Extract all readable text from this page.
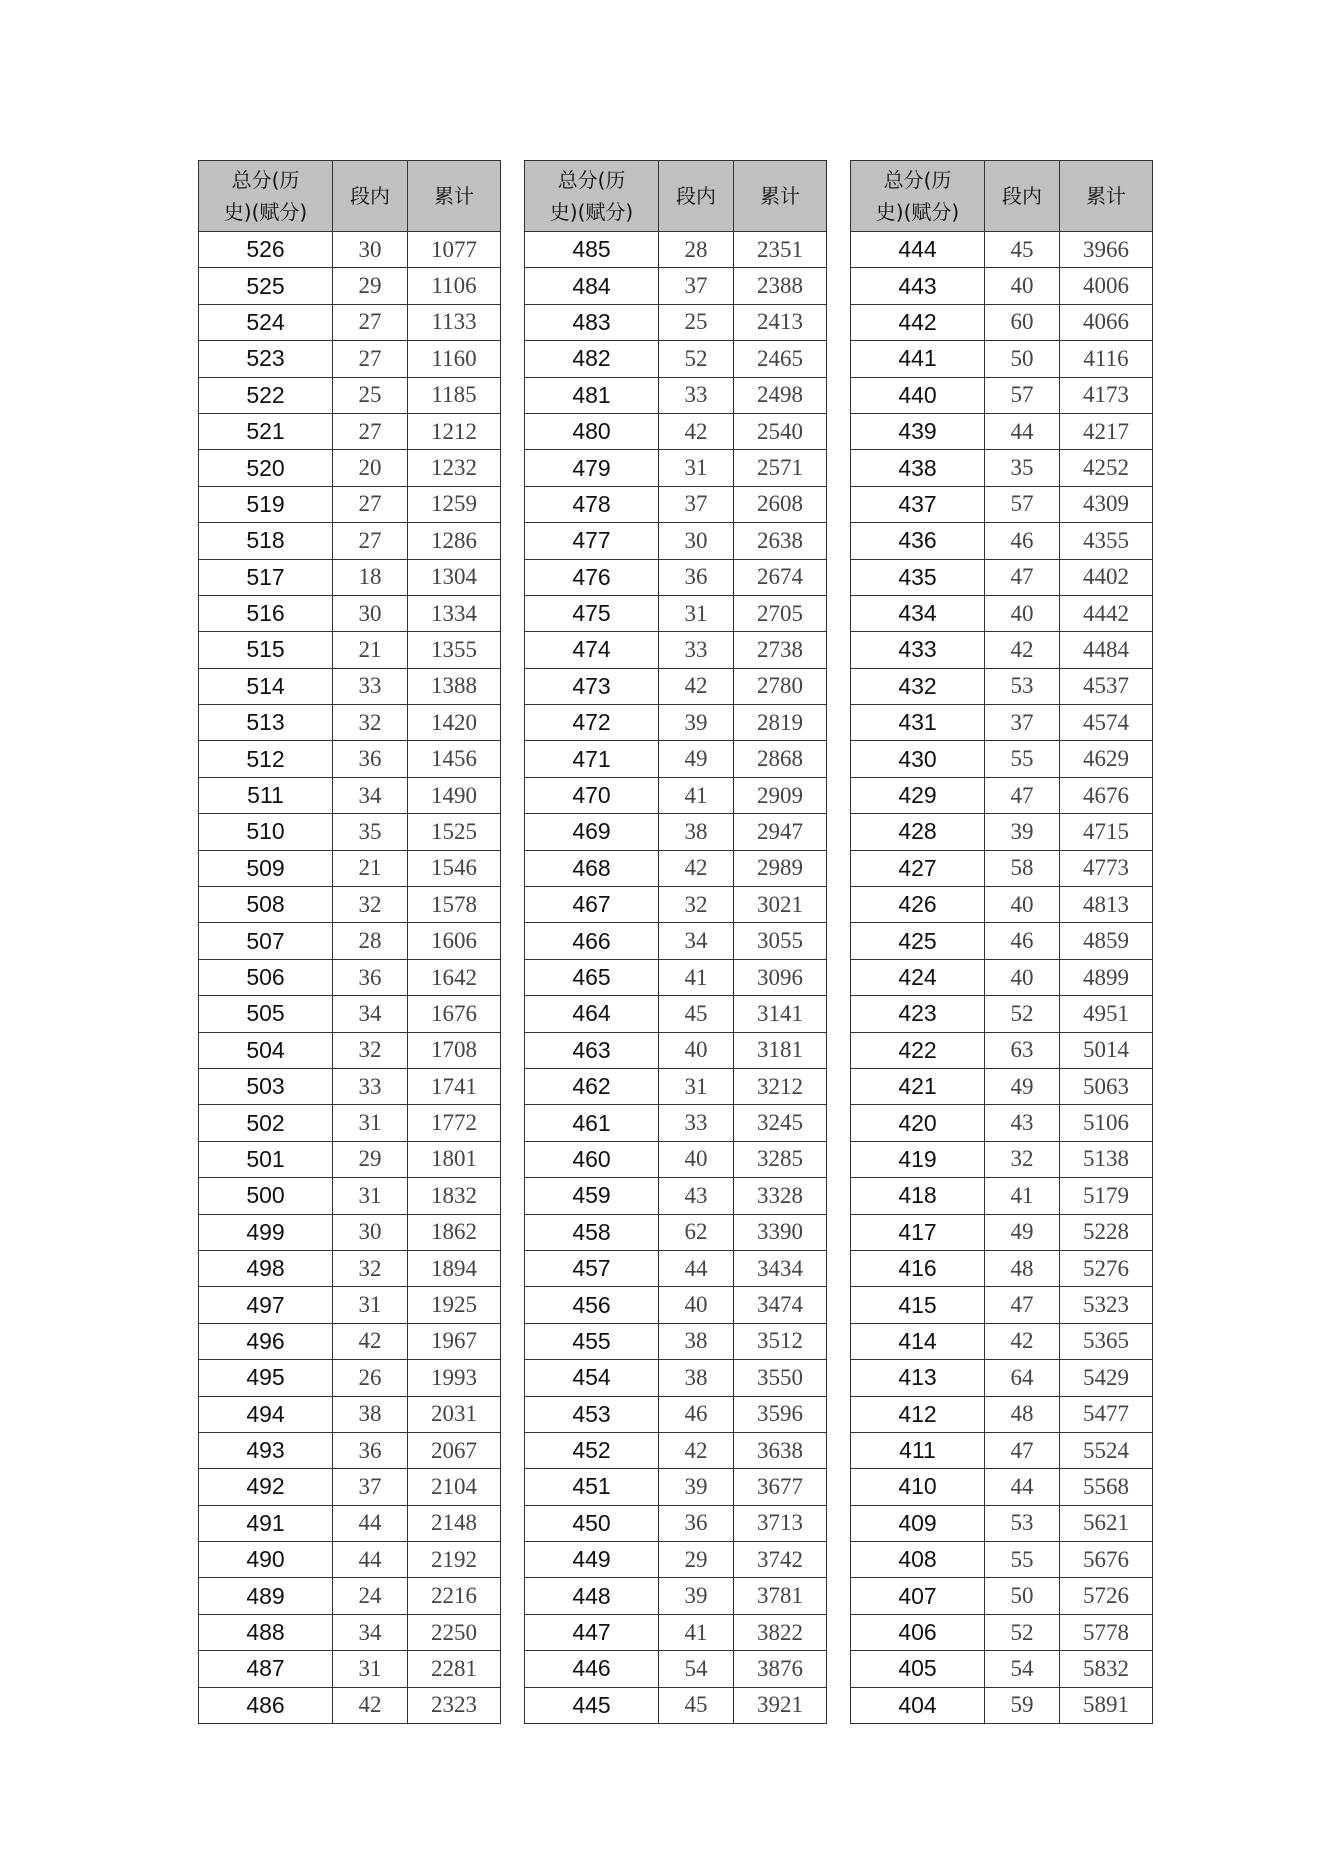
总分(历史)(赋分)	段内	累计
526	30	1077
525	29	1106
524	27	1133
523	27	1160
522	25	1185
521	27	1212
520	20	1232
519	27	1259
518	27	1286
517	18	1304
516	30	1334
515	21	1355
514	33	1388
513	32	1420
512	36	1456
511	34	1490
510	35	1525
509	21	1546
508	32	1578
507	28	1606
506	36	1642
505	34	1676
504	32	1708
503	33	1741
502	31	1772
501	29	1801
500	31	1832
499	30	1862
498	32	1894
497	31	1925
496	42	1967
495	26	1993
494	38	2031
493	36	2067
492	37	2104
491	44	2148
490	44	2192
489	24	2216
488	34	2250
487	31	2281
486	42	2323
总分(历史)(赋分)	段内	累计
485	28	2351
484	37	2388
483	25	2413
482	52	2465
481	33	2498
480	42	2540
479	31	2571
478	37	2608
477	30	2638
476	36	2674
475	31	2705
474	33	2738
473	42	2780
472	39	2819
471	49	2868
470	41	2909
469	38	2947
468	42	2989
467	32	3021
466	34	3055
465	41	3096
464	45	3141
463	40	3181
462	31	3212
461	33	3245
460	40	3285
459	43	3328
458	62	3390
457	44	3434
456	40	3474
455	38	3512
454	38	3550
453	46	3596
452	42	3638
451	39	3677
450	36	3713
449	29	3742
448	39	3781
447	41	3822
446	54	3876
445	45	3921
总分(历史)(赋分)	段内	累计
444	45	3966
443	40	4006
442	60	4066
441	50	4116
440	57	4173
439	44	4217
438	35	4252
437	57	4309
436	46	4355
435	47	4402
434	40	4442
433	42	4484
432	53	4537
431	37	4574
430	55	4629
429	47	4676
428	39	4715
427	58	4773
426	40	4813
425	46	4859
424	40	4899
423	52	4951
422	63	5014
421	49	5063
420	43	5106
419	32	5138
418	41	5179
417	49	5228
416	48	5276
415	47	5323
414	42	5365
413	64	5429
412	48	5477
411	47	5524
410	44	5568
409	53	5621
408	55	5676
407	50	5726
406	52	5778
405	54	5832
404	59	5891
